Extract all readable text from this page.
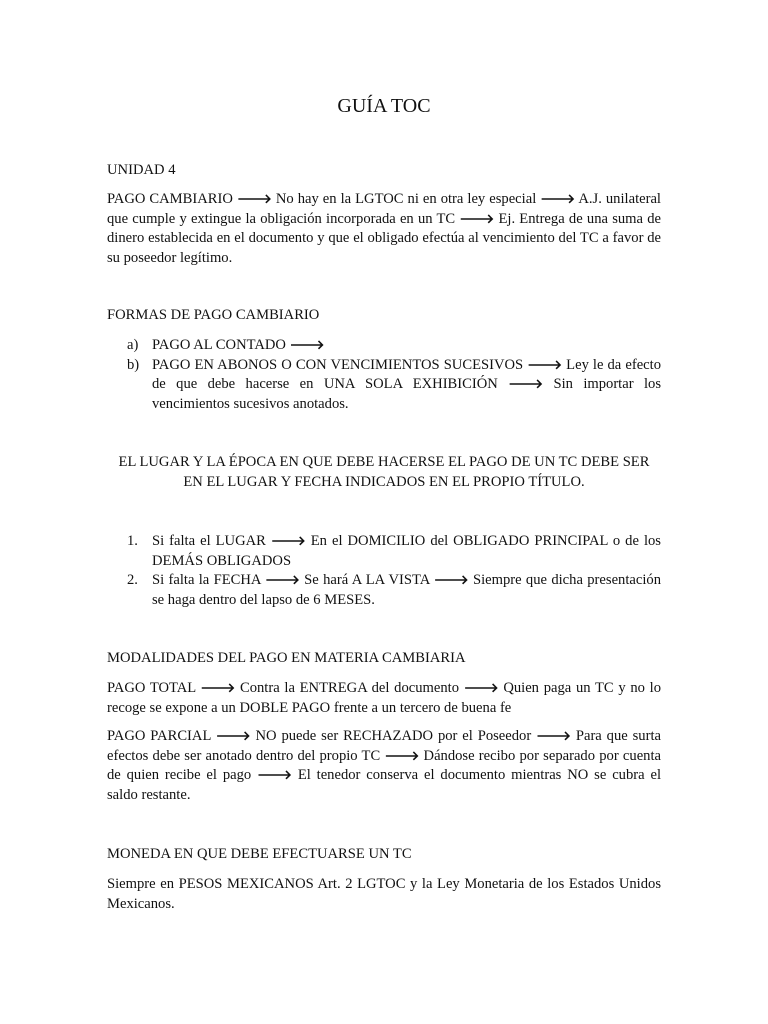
GUÍA TOC
UNIDAD 4
PAGO CAMBIARIO 🡒 No hay en la LGTOC ni en otra ley especial 🡒 A.J. unilateral que cumple y extingue la obligación incorporada en un TC 🡒 Ej. Entrega de una suma de dinero establecida en el documento y que el obligado efectúa al vencimiento del TC a favor de su poseedor legítimo.
FORMAS DE PAGO CAMBIARIO
a) PAGO AL CONTADO 🡒
b) PAGO EN ABONOS O CON VENCIMIENTOS SUCESIVOS 🡒 Ley le da efecto de que debe hacerse en UNA SOLA EXHIBICIÓN 🡒 Sin importar los vencimientos sucesivos anotados.
EL LUGAR Y LA ÉPOCA EN QUE DEBE HACERSE EL PAGO DE UN TC DEBE SER EN EL LUGAR Y FECHA INDICADOS EN EL PROPIO TÍTULO.
1. Si falta el LUGAR 🡒 En el DOMICILIO del OBLIGADO PRINCIPAL o de los DEMÁS OBLIGADOS
2. Si falta la FECHA 🡒 Se hará A LA VISTA 🡒 Siempre que dicha presentación se haga dentro del lapso de 6 MESES.
MODALIDADES DEL PAGO EN MATERIA CAMBIARIA
PAGO TOTAL 🡒 Contra la ENTREGA del documento 🡒 Quien paga un TC y no lo recoge se expone a un DOBLE PAGO frente a un tercero de buena fe
PAGO PARCIAL 🡒 NO puede ser RECHAZADO por el Poseedor 🡒 Para que surta efectos debe ser anotado dentro del propio TC 🡒 Dándose recibo por separado por cuenta de quien recibe el pago 🡒 El tenedor conserva el documento mientras NO se cubra el saldo restante.
MONEDA EN QUE DEBE EFECTUARSE UN TC
Siempre en PESOS MEXICANOS Art. 2 LGTOC y la Ley Monetaria de los Estados Unidos Mexicanos.
